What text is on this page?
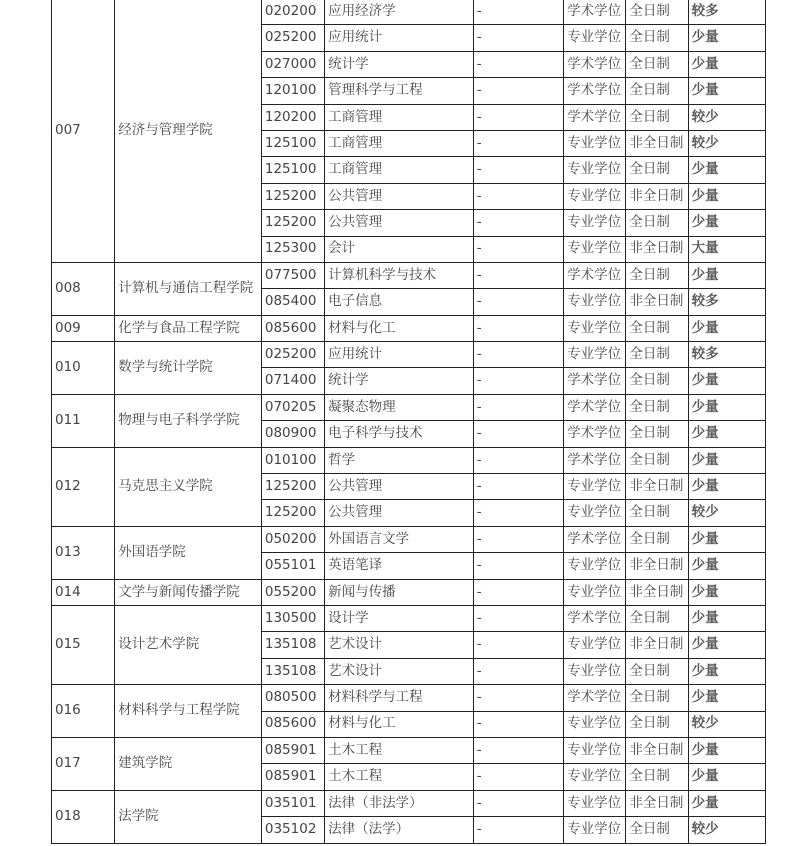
007	经济与管理学院	020200	应用经济学	-	学术学位	全日制	较多
		025200	应用统计	-	专业学位	全日制	少量
		027000	统计学	-	学术学位	全日制	少量
		120100	管理科学与工程	-	学术学位	全日制	少量
		120200	工商管理	-	学术学位	全日制	较少
		125100	工商管理	-	专业学位	非全日制	较少
		125100	工商管理	-	专业学位	全日制	少量
		125200	公共管理	-	专业学位	非全日制	少量
		125200	公共管理	-	专业学位	全日制	少量
		125300	会计	-	专业学位	非全日制	大量
008	计算机与通信工程学院	077500	计算机科学与技术	-	学术学位	全日制	少量
		085400	电子信息	-	专业学位	非全日制	较多
009	化学与食品工程学院	085600	材料与化工	-	专业学位	全日制	少量
010	数学与统计学院	025200	应用统计	-	专业学位	全日制	较多
		071400	统计学	-	学术学位	全日制	少量
011	物理与电子科学学院	070205	凝聚态物理	-	学术学位	全日制	少量
		080900	电子科学与技术	-	学术学位	全日制	少量
012	马克思主义学院	010100	哲学	-	学术学位	全日制	少量
		125200	公共管理	-	专业学位	非全日制	少量
		125200	公共管理	-	专业学位	全日制	较少
013	外国语学院	050200	外国语言文学	-	学术学位	全日制	少量
		055101	英语笔译	-	专业学位	非全日制	少量
014	文学与新闻传播学院	055200	新闻与传播	-	专业学位	非全日制	少量
015	设计艺术学院	130500	设计学	-	学术学位	全日制	少量
		135108	艺术设计	-	专业学位	非全日制	少量
		135108	艺术设计	-	专业学位	全日制	少量
016	材料科学与工程学院	080500	材料科学与工程	-	学术学位	全日制	少量
		085600	材料与化工	-	专业学位	全日制	较少
017	建筑学院	085901	土木工程	-	专业学位	非全日制	少量
		085901	土木工程	-	专业学位	全日制	少量
018	法学院	035101	法律（非法学）	-	专业学位	非全日制	少量
		035102	法律（法学）	-	专业学位	全日制	较少
